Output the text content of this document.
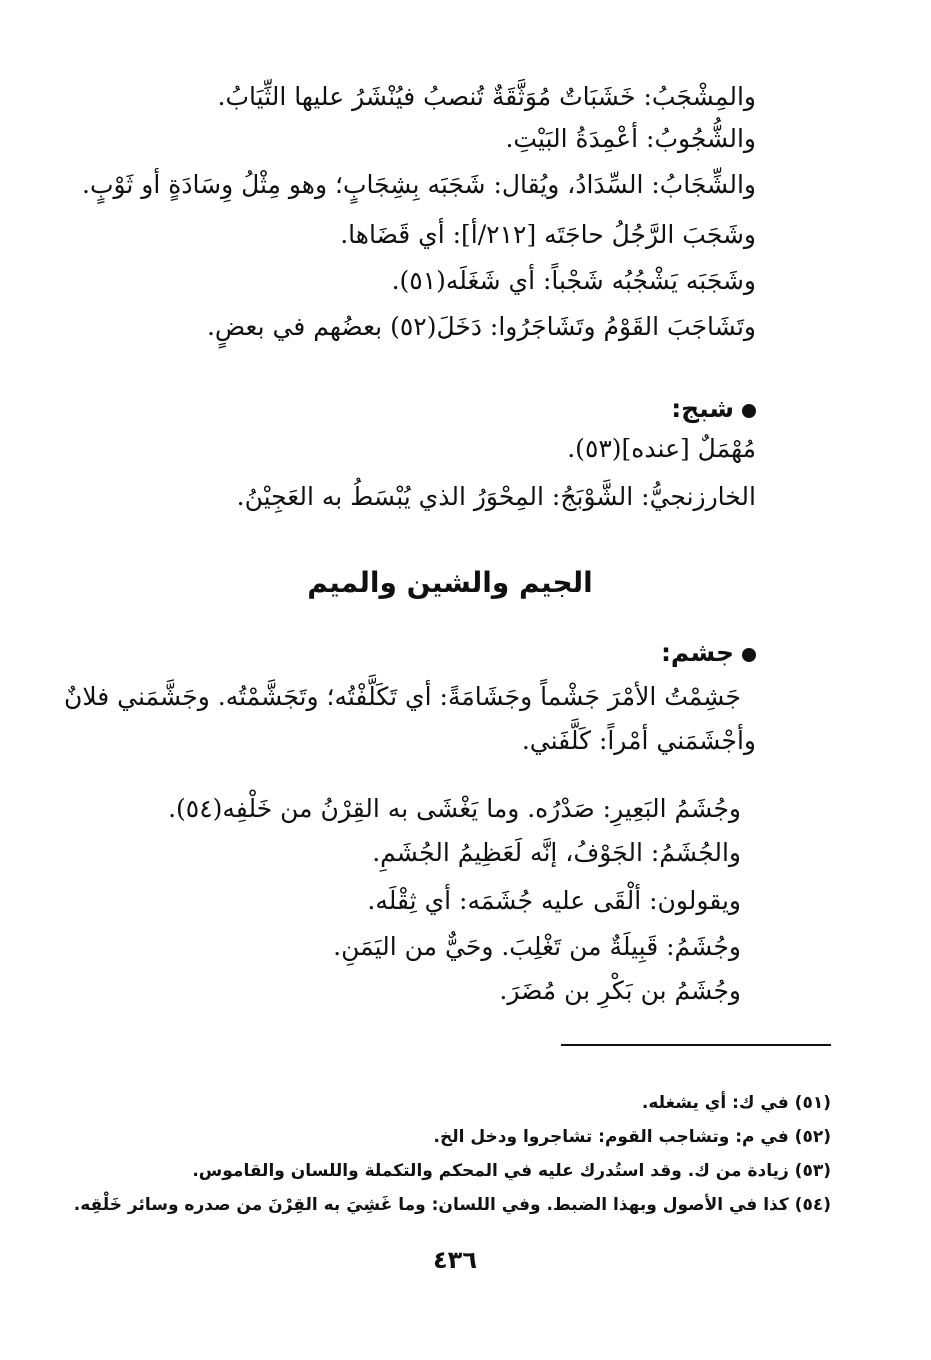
والمِشْجَبُ: خَشَبَاتٌ مُوَثَّقَةٌ تُنصبُ فيُنْشَرُ عليها الثِّيَابُ.
والشُّجُوبُ: أعْمِدَةُ البَيْتِ.
والشِّجَابُ: السِّدَادُ، ويُقال: شَجَبَه بِشِجَابٍ؛ وهو مِثْلُ وِسَادَةٍ أو ثَوْبٍ.
وشَجَبَ الرَّجُلُ حاجَتَه [٢١٢/أ]: أي قَضَاها.
وشَجَبَه يَشْجُبُه شَجْباً: أي شَغَلَه(٥١).
وتَشَاجَبَ القَوْمُ وتَشَاجَرُوا: دَخَلَ(٥٢) بعضُهم في بعضٍ.
شبج:
مُهْمَلٌ [عنده](٥٣).
الخارزنجيُّ: الشَّوْبَجُ: المِحْوَرُ الذي يُبْسَطُ به العَجِيْنُ.
الجيم والشين والميم
جشم:
جَشِمْتُ الأمْرَ جَشْماً وجَشَامَةً: أي تَكَلَّفْتُه؛ وتَجَشَّمْتُه. وجَشَّمَني فلانٌ
وأجْشَمَني أمْراً: كَلَّفَني.
وجُشَمُ البَعِيرِ: صَدْرُه. وما يَغْشَى به القِرْنُ من خَلْفِه(٥٤).
والجُشَمُ: الجَوْفُ، إنَّه لَعَظِيمُ الجُشَمِ.
ويقولون: ألْقَى عليه جُشَمَه: أي ثِقْلَه.
وجُشَمُ: قَبِيلَةٌ من تَغْلِبَ. وحَيٌّ من اليَمَنِ.
وجُشَمُ بن بَكْرِ بن مُضَرَ.
(٥١) في ك: أي يشغله.
(٥٢) في م: وتشاجب القوم: تشاجروا ودخل الخ.
(٥٣) زيادة من ك. وقد استُدرك عليه في المحكم والتكملة واللسان والقاموس.
(٥٤) كذا في الأصول وبهذا الضبط. وفي اللسان: وما غَشِيَ به القِرْنَ من صدره وسائر خَلْقِه.
٤٣٦
